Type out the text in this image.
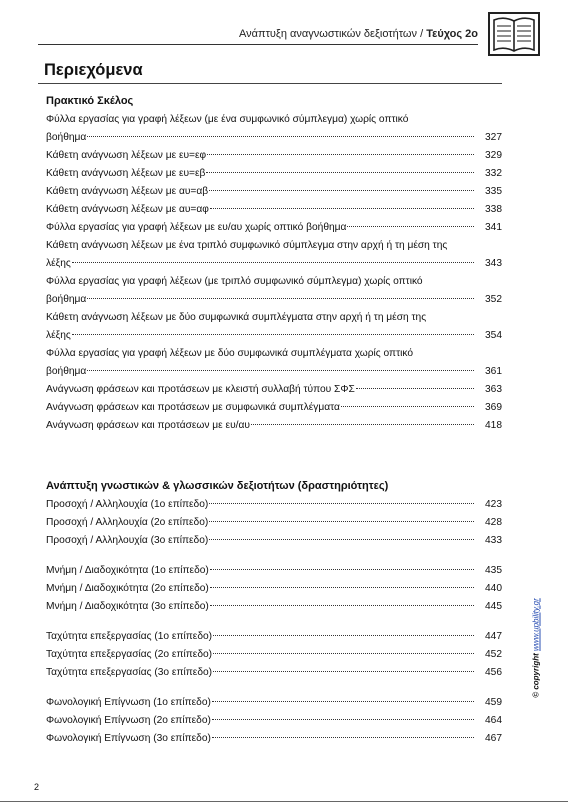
Ανάπτυξη αναγνωστικών δεξιοτήτων / Τεύχος 2ο
Περιεχόμενα
Πρακτικό Σκέλος
Φύλλα εργασίας για γραφή λέξεων (με ένα συμφωνικό σύμπλεγμα) χωρίς οπτικό
βοήθημα	327
Κάθετη ανάγνωση λέξεων με ευ=εφ	329
Κάθετη ανάγνωση λέξεων με ευ=εβ	332
Κάθετη ανάγνωση λέξεων με αυ=αβ	335
Κάθετη ανάγνωση λέξεων με αυ=αφ	338
Φύλλα εργασίας για γραφή λέξεων με ευ/αυ χωρίς οπτικό βοήθημα	341
Κάθετη ανάγνωση λέξεων με ένα τριπλό συμφωνικό σύμπλεγμα στην αρχή ή τη μέση της
λέξης	343
Φύλλα εργασίας για γραφή λέξεων (με τριπλό συμφωνικό σύμπλεγμα) χωρίς οπτικό
βοήθημα	352
Κάθετη ανάγνωση λέξεων με δύο συμφωνικά συμπλέγματα στην αρχή ή τη μέση της
λέξης	354
Φύλλα εργασίας για γραφή λέξεων με δύο συμφωνικά συμπλέγματα χωρίς οπτικό
βοήθημα	361
Ανάγνωση φράσεων και προτάσεων με κλειστή συλλαβή τύπου ΣΦΣ	363
Ανάγνωση φράσεων και προτάσεων με συμφωνικά συμπλέγματα	369
Ανάγνωση φράσεων και προτάσεων με ευ/αυ	418
Ανάπτυξη γνωστικών & γλωσσικών δεξιοτήτων (δραστηριότητες)
Προσοχή / Αλληλουχία (1ο επίπεδο)	423
Προσοχή / Αλληλουχία (2ο επίπεδο)	428
Προσοχή / Αλληλουχία (3ο επίπεδο)	433
Μνήμη / Διαδοχικότητα (1ο επίπεδο)	435
Μνήμη / Διαδοχικότητα (2ο επίπεδο)	440
Μνήμη / Διαδοχικότητα (3ο επίπεδο)	445
Ταχύτητα επεξεργασίας (1ο επίπεδο)	447
Ταχύτητα επεξεργασίας (2ο επίπεδο)	452
Ταχύτητα επεξεργασίας (3ο επίπεδο)	456
Φωνολογική Επίγνωση (1ο επίπεδο)	459
Φωνολογική Επίγνωση (2ο επίπεδο)	464
Φωνολογική Επίγνωση (3ο επίπεδο)	467
© copyright www.upbility.gr
2
